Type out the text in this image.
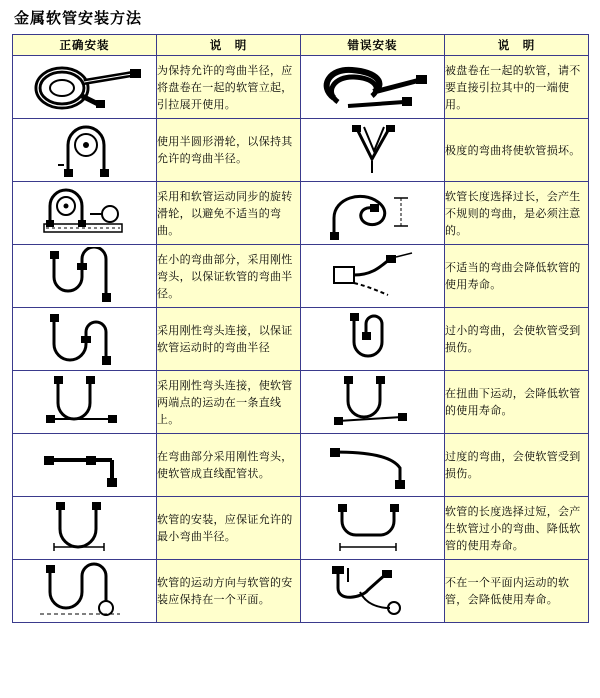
金属软管安装方法
正确安装	说　明	错误安装	说　明

	为保持允许的弯曲半径，应将盘卷在一起的软管立起，引拉展开使用。		被盘卷在一起的软管，请不要直接引拉其中的一端使用。

	使用半圆形滑轮，以保持其允许的弯曲半径。		极度的弯曲将使软管损坏。

	采用和软管运动同步的旋转滑轮，以避免不适当的弯曲。		软管长度选择过长，会产生不规则的弯曲，是必须注意的。

	在小的弯曲部分，采用刚性弯头，以保证软管的弯曲半径。		不适当的弯曲会降低软管的使用寿命。

	采用刚性弯头连接，以保证软管运动时的弯曲半径		过小的弯曲，会使软管受到损伤。

	采用刚性弯头连接，使软管两端点的运动在一条直线上。		在扭曲下运动，会降低软管的使用寿命。

	在弯曲部分采用刚性弯头，使软管成直线配管状。		过度的弯曲，会使软管受到损伤。

	软管的安装，应保证允许的最小弯曲半径。		软管的长度选择过短，会产生软管过小的弯曲、降低软管的使用寿命。

	软管的运动方向与软管的安装应保持在一个平面。		不在一个平面内运动的软管，会降低使用寿命。
